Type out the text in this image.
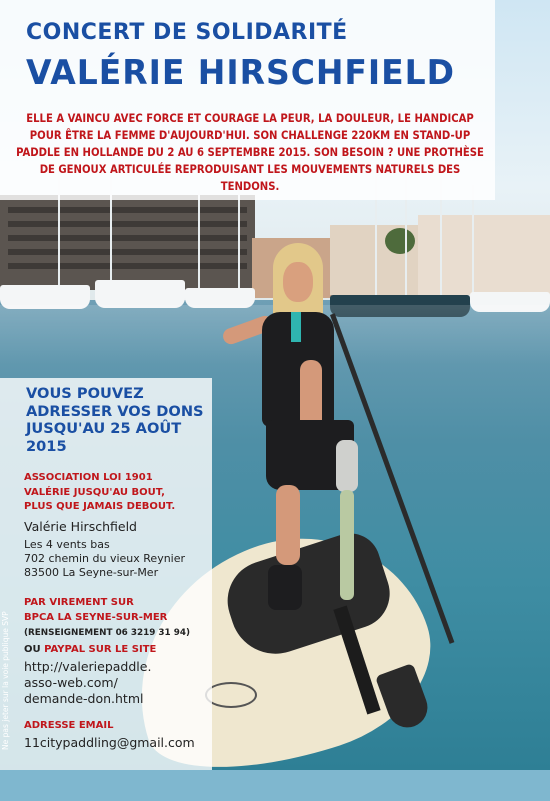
CONCERT DE SOLIDARITÉ
VALÉRIE HIRSCHFIELD
ELLE A VAINCU AVEC FORCE ET COURAGE LA PEUR, LA DOULEUR, LE HANDICAP POUR ÊTRE LA FEMME D'AUJOURD'HUI. SON CHALLENGE 220KM EN STAND-UP PADDLE EN HOLLANDE DU 2 AU 6 SEPTEMBRE 2015. SON BESOIN ? UNE PROTHÈSE DE GENOUX ARTICULÉE REPRODUISANT LES MOUVEMENTS NATURELS DES TENDONS.
VOUS POUVEZ ADRESSER VOS DONS JUSQU'AU 25 AOÛT 2015
ASSOCIATION LOI 1901
VALÉRIE JUSQU'AU BOUT,
PLUS QUE JAMAIS DEBOUT.
Valérie Hirschfield
Les 4 vents bas
702 chemin du vieux Reynier
83500 La Seyne-sur-Mer
PAR VIREMENT SUR
BPCA LA SEYNE-SUR-MER
(RENSEIGNEMENT 06 3219 31 94)
OU PAYPAL SUR LE SITE
http://valeriepaddle.
asso-web.com/
demande-don.html
ADRESSE EMAIL
11citypaddling@gmail.com
Ne pas jeter sur la voie publique SVP
